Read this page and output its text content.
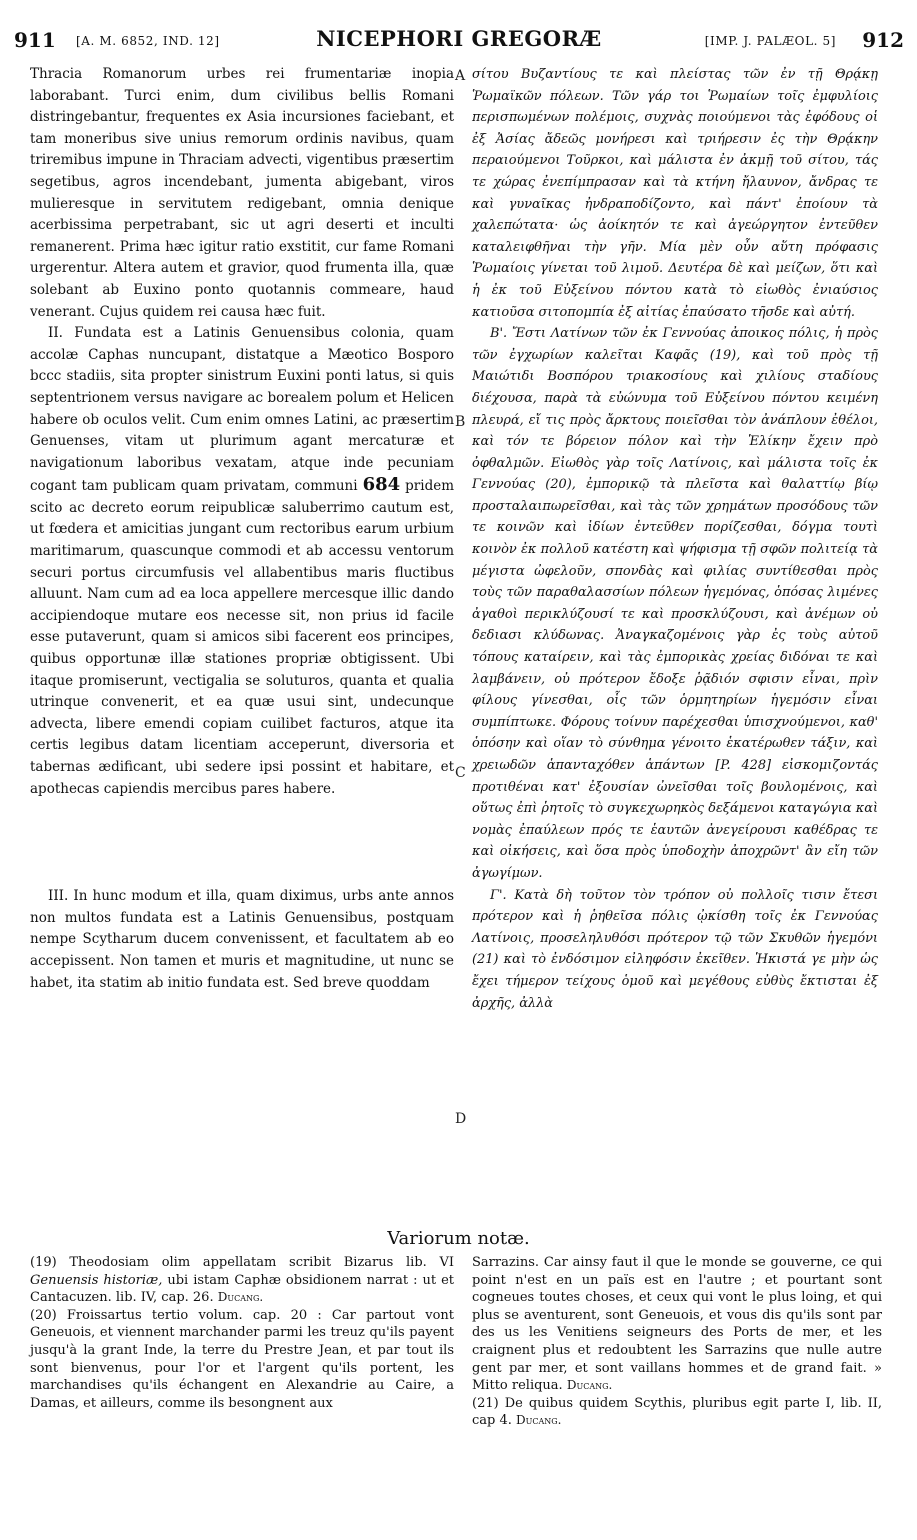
911 [A. M. 6852, IND. 12]	NICEPHORI GREGORÆ	[IMP. J. PALÆOL. 5] 912

Thracia Romanorum urbes rei frumentariæ inopia laborabant. Turci enim, dum civilibus bellis Romani distringebantur, frequentes ex Asia incursiones faciebant, et tam moneribus sive unius remorum ordinis navibus, quam triremibus impune in Thraciam advecti, vigentibus præsertim segetibus, agros incendebant, jumenta abigebant, viros mulieresque in servitutem redigebant, omnia denique acerbissima perpetrabant, sic ut agri deserti et inculti remanerent. Prima hæc igitur ratio exstitit, cur fame Romani urgerentur. Altera autem et gravior, quod frumenta illa, quæ solebant ab Euxino ponto quotannis commeare, haud venerant. Cujus quidem rei causa hæc fuit.

II. Fundata est a Latinis Genuensibus colonia, quam accolæ Caphas nuncupant, distatque a Mæotico Bosporo bccc stadiis, sita propter sinistrum Euxini ponti latus, si quis septentrionem versus navigare ac borealem polum et Helicen habere ob oculos velit. Cum enim omnes Latini, ac præsertim Genuenses, vitam ut plurimum agant mercaturæ et navigationum laboribus vexatam, atque inde pecuniam cogant tam publicam quam privatam, communi 684 pridem scito ac decreto eorum reipublicæ saluberrimo cautum est, ut fœdera et amicitias jungant cum rectoribus earum urbium maritimarum, quascunque commodi et ab accessu ventorum securi portus circumfusis vel allabentibus maris fluctibus alluunt. Nam cum ad ea loca appellere mercesque illic dando accipiendoque mutare eos necesse sit, non prius id facile esse putaverunt, quam si amicos sibi facerent eos principes, quibus opportunæ illæ stationes propriæ obtigissent. Ubi itaque promiserunt, vectigalia se soluturos, quanta et qualia utrinque convenerit, et ea quæ usui sint, undecunque advecta, libere emendi copiam cuilibet facturos, atque ita certis legibus datam licentiam acceperunt, diversoria et tabernas ædificant, ubi sedere ipsi possint et habitare, et apothecas capiendis mercibus pares habere.

III. In hunc modum et illa, quam diximus, urbs ante annos non multos fundata est a Latinis Genuensibus, postquam nempe Scytharum ducem convenissent, et facultatem ab eo accepissent. Non tamen et muris et magnitudine, ut nunc se habet, ita statim ab initio fundata est. Sed breve quoddam

A
B
C
D

σίτου Βυζαντίους τε καὶ πλείστας τῶν ἐν τῇ Θρᾴκῃ Ῥωμαϊκῶν πόλεων. Τῶν γάρ τοι Ῥωμαίων τοῖς ἐμφυλίοις περισπωμένων πολέμοις, συχνὰς ποιούμενοι τὰς ἐφόδους οἱ ἐξ Ἀσίας ἄδεῶς μονήρεσι καὶ τριήρεσιν ἐς τὴν Θρᾴκην περαιούμενοι Τοῦρκοι, καὶ μάλιστα ἐν ἀκμῇ τοῦ σίτου, τάς τε χώρας ἐνεπίμπρασαν καὶ τὰ κτήνη ἤλαυνον, ἄνδρας τε καὶ γυναῖκας ἠνδραποδίζοντο, καὶ πάντ' ἐποίουν τὰ χαλεπώτατα· ὡς ἀοίκητόν τε καὶ ἀγεώργητον ἐντεῦθεν καταλειφθῆναι τὴν γῆν. Μία μὲν οὖν αὕτη πρόφασις Ῥωμαίοις γίνεται τοῦ λιμοῦ. Δευτέρα δὲ καὶ μείζων, ὅτι καὶ ἡ ἐκ τοῦ Εὐξείνου πόντου κατὰ τὸ εἰωθὸς ἐνιαύσιος κατιοῦσα σιτοπομπία ἐξ αἰτίας ἐπαύσατο τῆσδε καὶ αὐτή.

Β'. Ἔστι Λατίνων τῶν ἐκ Γεννούας ἀποικος πόλις, ἡ πρὸς τῶν ἐγχωρίων καλεῖται Καφᾶς (19), καὶ τοῦ πρὸς τῇ Μαιώτιδι Βοσπόρου τριακοσίους καὶ χιλίους σταδίους διέχουσα, παρὰ τὰ εὐώνυμα τοῦ Εὐξείνου πόντου κειμένη πλευρά, εἴ τις πρὸς ἄρκτους ποιεῖσθαι τὸν ἀνάπλουν ἐθέλοι, καὶ τόν τε βόρειον πόλον καὶ τὴν Ἑλίκην ἔχειν πρὸ ὀφθαλμῶν. Εἰωθὸς γὰρ τοῖς Λατίνοις, καὶ μάλιστα τοῖς ἐκ Γεννούας (20), ἐμπορικῷ τὰ πλεῖστα καὶ θαλαττίῳ βίῳ προσταλαιπωρεῖσθαι, καὶ τὰς τῶν χρημάτων προσόδους τῶν τε κοινῶν καὶ ἰδίων ἐντεῦθεν πορίζεσθαι, δόγμα τουτὶ κοινὸν ἐκ πολλοῦ κατέστη καὶ ψήφισμα τῇ σφῶν πολιτείᾳ τὰ μέγιστα ὠφελοῦν, σπονδὰς καὶ φιλίας συντίθεσθαι πρὸς τοὺς τῶν παραθαλασσίων πόλεων ἡγεμόνας, ὁπόσας λιμένες ἀγαθοὶ περικλύζουσί τε καὶ προσκλύζουσι, καὶ ἀνέμων οὐ δεδιασι κλύδωνας. Ἀναγκαζομένοις γὰρ ἐς τοὺς αὐτοῦ τόπους καταίρειν, καὶ τὰς ἐμπορικὰς χρείας διδόναι τε καὶ λαμβάνειν, οὐ πρότερον ἔδοξε ῥᾷδιόν σφισιν εἶναι, πρὶν φίλους γίνεσθαι, οἷς τῶν ὁρμητηρίων ἡγεμόσιν εἶναι συμπίπτωκε. Φόρους τοίνυν παρέχεσθαι ὑπισχνούμενοι, καθ' ὁπόσην καὶ οἵαν τὸ σύνθημα γένοιτο ἑκατέρωθεν τάξιν, καὶ χρειωδῶν ἁπανταχόθεν ἁπάντων [P. 428] εἰσκομιζοντάς προτιθέναι κατ' ἐξουσίαν ὠνεῖσθαι τοῖς βουλομένοις, καὶ οὕτως ἐπὶ ῥητοῖς τὸ συγκεχωρηκὸς δεξάμενοι καταγώγια καὶ νομὰς ἐπαύλεων πρός τε ἑαυτῶν ἀνεγείρουσι καθέδρας τε καὶ οἰκήσεις, καὶ ὅσα πρὸς ὑποδοχὴν ἀποχρῶντ' ἂν εἴη τῶν ἀγωγίμων.

Γ'. Κατὰ δὴ τοῦτον τὸν τρόπον οὐ πολλοῖς τισιν ἔτεσι πρότερον καὶ ἡ ῥηθεῖσα πόλις ᾠκίσθη τοῖς ἐκ Γεννούας Λατίνοις, προσεληλυθόσι πρότερον τῷ τῶν Σκυθῶν ἡγεμόνι (21) καὶ τὸ ἐνδόσιμον εἰληφόσιν ἐκεῖθεν. Ἡκιστά γε μὴν ὡς ἔχει τήμερον τείχους ὁμοῦ καὶ μεγέθους εὐθὺς ἔκτισται ἐξ ἀρχῆς, ἀλλὰ

Variorum notæ.

(19) Theodosiam olim appellatam scribit Bizarus lib. VI Genuensis historiæ, ubi istam Caphæ obsidionem narrat : ut et Cantacuzen. lib. IV, cap. 26. Ducang.

(20) Froissartus tertio volum. cap. 20 : Car partout vont Geneuois, et viennent marchander parmi les treuz qu'ils payent jusqu'à la grant Inde, la terre du Prestre Jean, et par tout ils sont bienvenus, pour l'or et l'argent qu'ils portent, les marchandises qu'ils échangent en Alexandrie au Caire, a Damas, et ailleurs, comme ils besongnent aux

Sarrazins. Car ainsy faut il que le monde se gouverne, ce qui point n'est en un païs est en l'autre ; et pourtant sont cogneues toutes choses, et ceux qui vont le plus loing, et qui plus se aventurent, sont Geneuois, et vous dis qu'ils sont par des us les Venitiens seigneurs des Ports de mer, et les craignent plus et redoubtent les Sarrazins que nulle autre gent par mer, et sont vaillans hommes et de grand fait. » Mitto reliqua. Ducang.

(21) De quibus quidem Scythis, pluribus egit parte I, lib. II, cap 4. Ducang.
